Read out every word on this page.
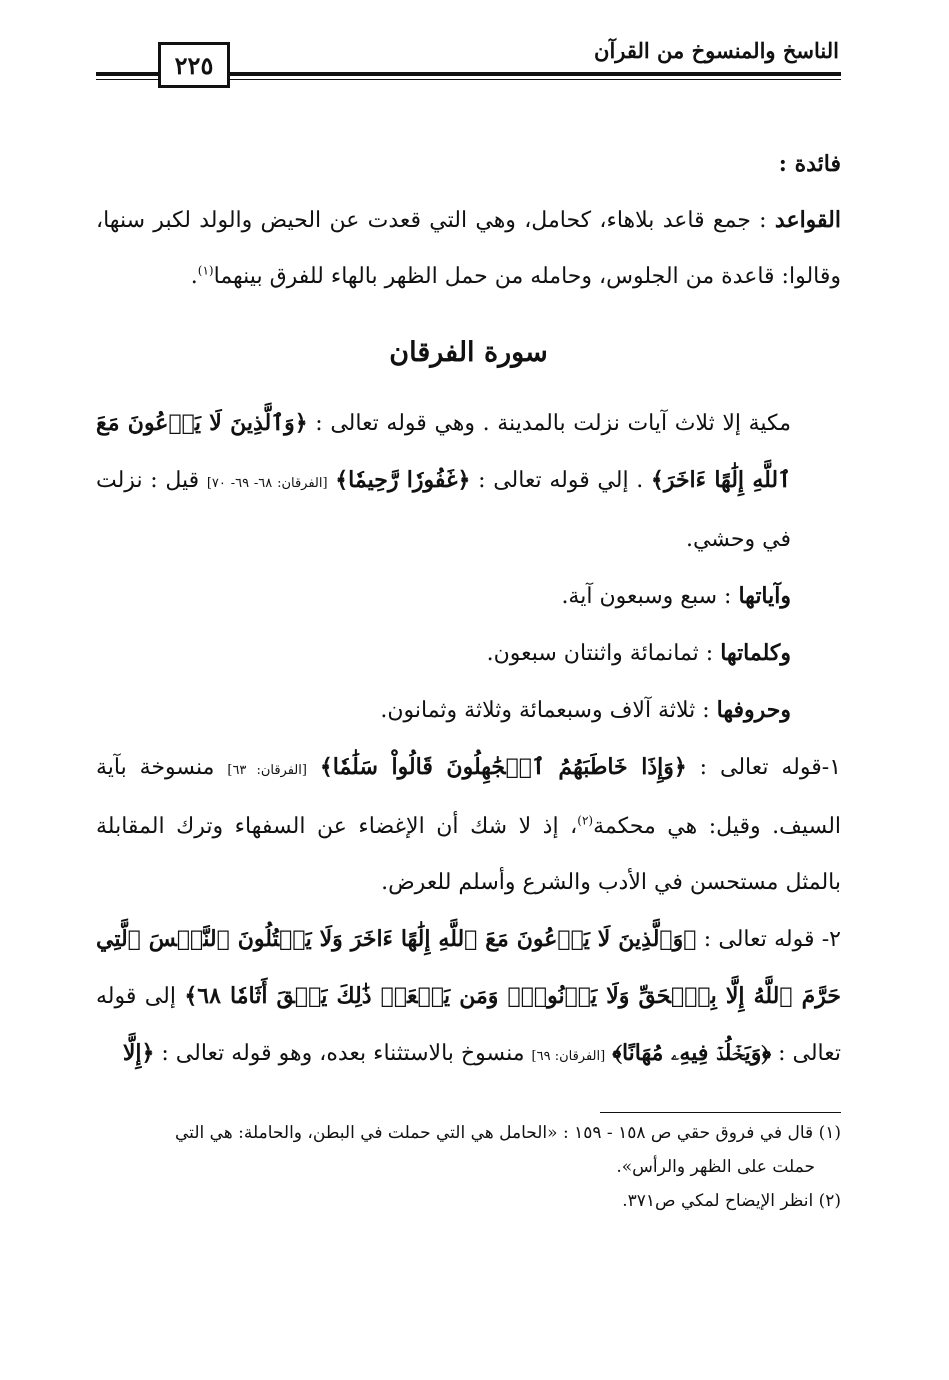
الناسخ والمنسوخ من القرآن
٢٢٥

فائدة :

القواعد : جمع قاعد بلاهاء، كحامل، وهي التي قعدت عن الحيض والولد لكبر سنها، وقالوا: قاعدة من الجلوس، وحامله من حمل الظهر بالهاء للفرق بينهما$^{(١)}$.

سورة الفرقان

مكية إلا ثلاث آيات نزلت بالمدينة . وهي قوله تعالى : ﴿وَٱلَّذِينَ لَا يَدۡعُونَ مَعَ ٱللَّهِ إِلَٰهًا ءَاخَرَ﴾ . إلي قوله تعالى : ﴿غَفُورٗا رَّحِيمٗا﴾ [الفرقان: ٦٨- ٦٩- ٧٠] قيل : نزلت في وحشي.

وآياتها : سبع وسبعون آية.

وكلماتها : ثمانمائة واثنتان سبعون.

وحروفها : ثلاثة آلاف وسبعمائة وثلاثة وثمانون.

١-قوله تعالى : ﴿وَإِذَا خَاطَبَهُمُ ٱلۡجَٰهِلُونَ قَالُواْ سَلَٰمٗا﴾ [الفرقان: ٦٣] منسوخة بآية السيف. وقيل: هي محكمة$^{(٢)}$، إذ لا شك أن الإغضاء عن السفهاء وترك المقابلة بالمثل مستحسن في الأدب والشرع وأسلم للعرض.

٢- قوله تعالى : ﴿وَٱلَّذِينَ لَا يَدۡعُونَ مَعَ ٱللَّهِ إِلَٰهًا ءَاخَرَ وَلَا يَقۡتُلُونَ ٱلنَّفۡسَ ٱلَّتِي حَرَّمَ ٱللَّهُ إِلَّا بِٱلۡحَقِّ وَلَا يَزۡنُونَۚ وَمَن يَفۡعَلۡ ذَٰلِكَ يَلۡقَ أَثَامٗا ٦٨﴾ إلى قوله تعالى : ﴿وَيَخۡلُدۡ فِيهِۦ مُهَانًا﴾ [الفرقان: ٦٩] منسوخ بالاستثناء بعده، وهو قوله تعالى : ﴿إِلَّا

(١) قال في فروق حقي ص ١٥٨ - ١٥٩ : «الحامل هي التي حملت في البطن، والحاملة: هي التي

حملت على الظهر والرأس».

(٢) انظر الإيضاح لمكي ص٣٧١.
